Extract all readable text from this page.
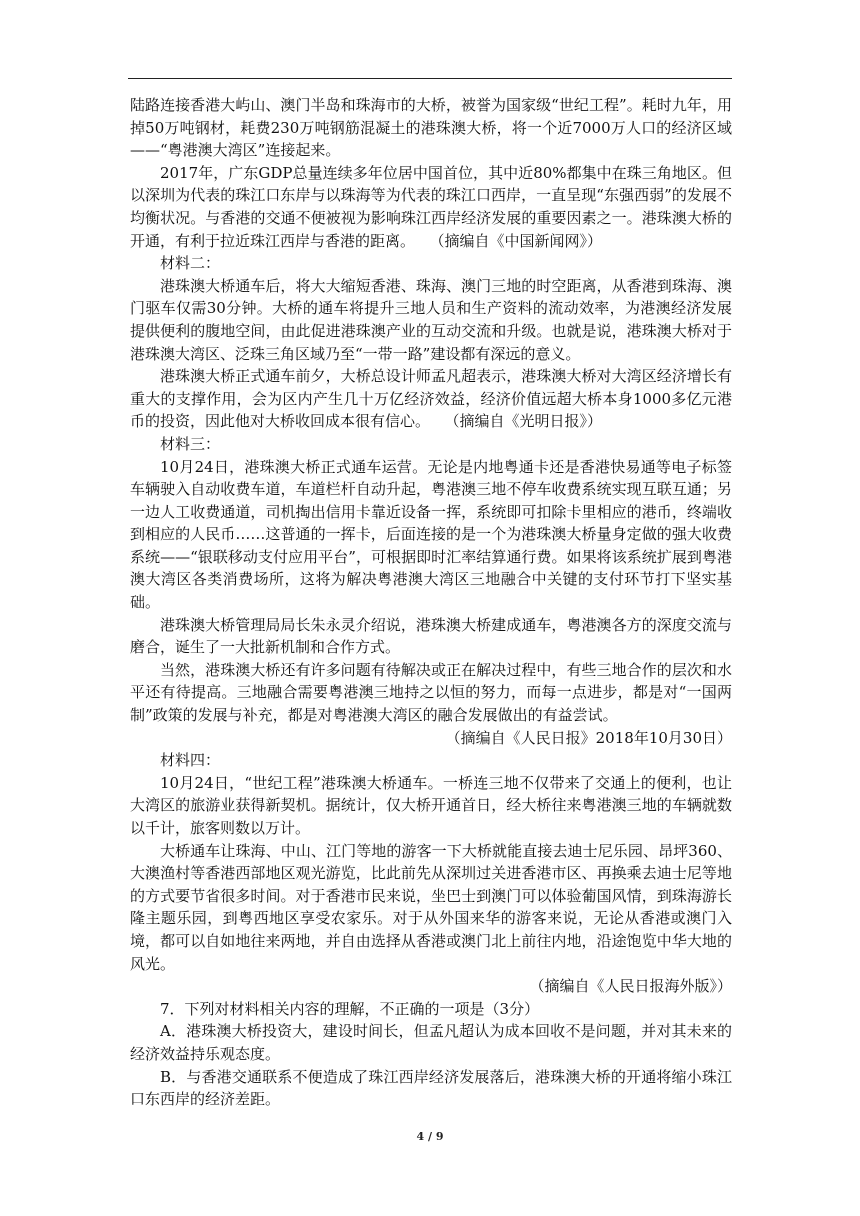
陆路连接香港大屿山、澳门半岛和珠海市的大桥，被誉为国家级“世纪工程”。耗时九年，用掉50万吨钢材，耗费230万吨钢筋混凝土的港珠澳大桥，将一个近7000万人口的经济区域——“粤港澳大湾区”连接起来。

2017年，广东GDP总量连续多年位居中国首位，其中近80%都集中在珠三角地区。但以深圳为代表的珠江口东岸与以珠海等为代表的珠江口西岸，一直呈现“东强西弱”的发展不均衡状况。与香港的交通不便被视为影响珠江西岸经济发展的重要因素之一。港珠澳大桥的开通，有利于拉近珠江西岸与香港的距离。 （摘编自《中国新闻网》）

材料二：

港珠澳大桥通车后，将大大缩短香港、珠海、澳门三地的时空距离，从香港到珠海、澳门驱车仅需30分钟。大桥的通车将提升三地人员和生产资料的流动效率，为港澳经济发展提供便利的腹地空间，由此促进港珠澳产业的互动交流和升级。也就是说，港珠澳大桥对于港珠澳大湾区、泛珠三角区域乃至“一带一路”建设都有深远的意义。

港珠澳大桥正式通车前夕，大桥总设计师孟凡超表示，港珠澳大桥对大湾区经济增长有重大的支撑作用，会为区内产生几十万亿经济效益，经济价值远超大桥本身1000多亿元港币的投资，因此他对大桥收回成本很有信心。 （摘编自《光明日报》）

材料三：

10月24日，港珠澳大桥正式通车运营。无论是内地粤通卡还是香港快易通等电子标签车辆驶入自动收费车道，车道栏杆自动升起，粤港澳三地不停车收费系统实现互联互通；另一边人工收费通道，司机掏出信用卡靠近设备一挥，系统即可扣除卡里相应的港币，终端收到相应的人民币……这普通的一挥卡，后面连接的是一个为港珠澳大桥量身定做的强大收费系统——“银联移动支付应用平台”，可根据即时汇率结算通行费。如果将该系统扩展到粤港澳大湾区各类消费场所，这将为解决粤港澳大湾区三地融合中关键的支付环节打下坚实基础。

港珠澳大桥管理局局长朱永灵介绍说，港珠澳大桥建成通车，粤港澳各方的深度交流与磨合，诞生了一大批新机制和合作方式。

当然，港珠澳大桥还有许多问题有待解决或正在解决过程中，有些三地合作的层次和水平还有待提高。三地融合需要粤港澳三地持之以恒的努力，而每一点进步，都是对“一国两制”政策的发展与补充，都是对粤港澳大湾区的融合发展做出的有益尝试。

（摘编自《人民日报》2018年10月30日）

材料四：

10月24日，“世纪工程”港珠澳大桥通车。一桥连三地不仅带来了交通上的便利，也让大湾区的旅游业获得新契机。据统计，仅大桥开通首日，经大桥往来粤港澳三地的车辆就数以千计，旅客则数以万计。

大桥通车让珠海、中山、江门等地的游客一下大桥就能直接去迪士尼乐园、昂坪360、大澳渔村等香港西部地区观光游览，比此前先从深圳过关进香港市区、再换乘去迪士尼等地的方式要节省很多时间。对于香港市民来说，坐巴士到澳门可以体验葡国风情，到珠海游长隆主题乐园，到粤西地区享受农家乐。对于从外国来华的游客来说，无论从香港或澳门入境，都可以自如地往来两地，并自由选择从香港或澳门北上前往内地，沿途饱览中华大地的风光。

（摘编自《人民日报海外版》）

7．下列对材料相关内容的理解，不正确的一项是（3分）

A．港珠澳大桥投资大，建设时间长，但孟凡超认为成本回收不是问题，并对其未来的经济效益持乐观态度。

B．与香港交通联系不便造成了珠江西岸经济发展落后，港珠澳大桥的开通将缩小珠江口东西岸的经济差距。

4 / 9
